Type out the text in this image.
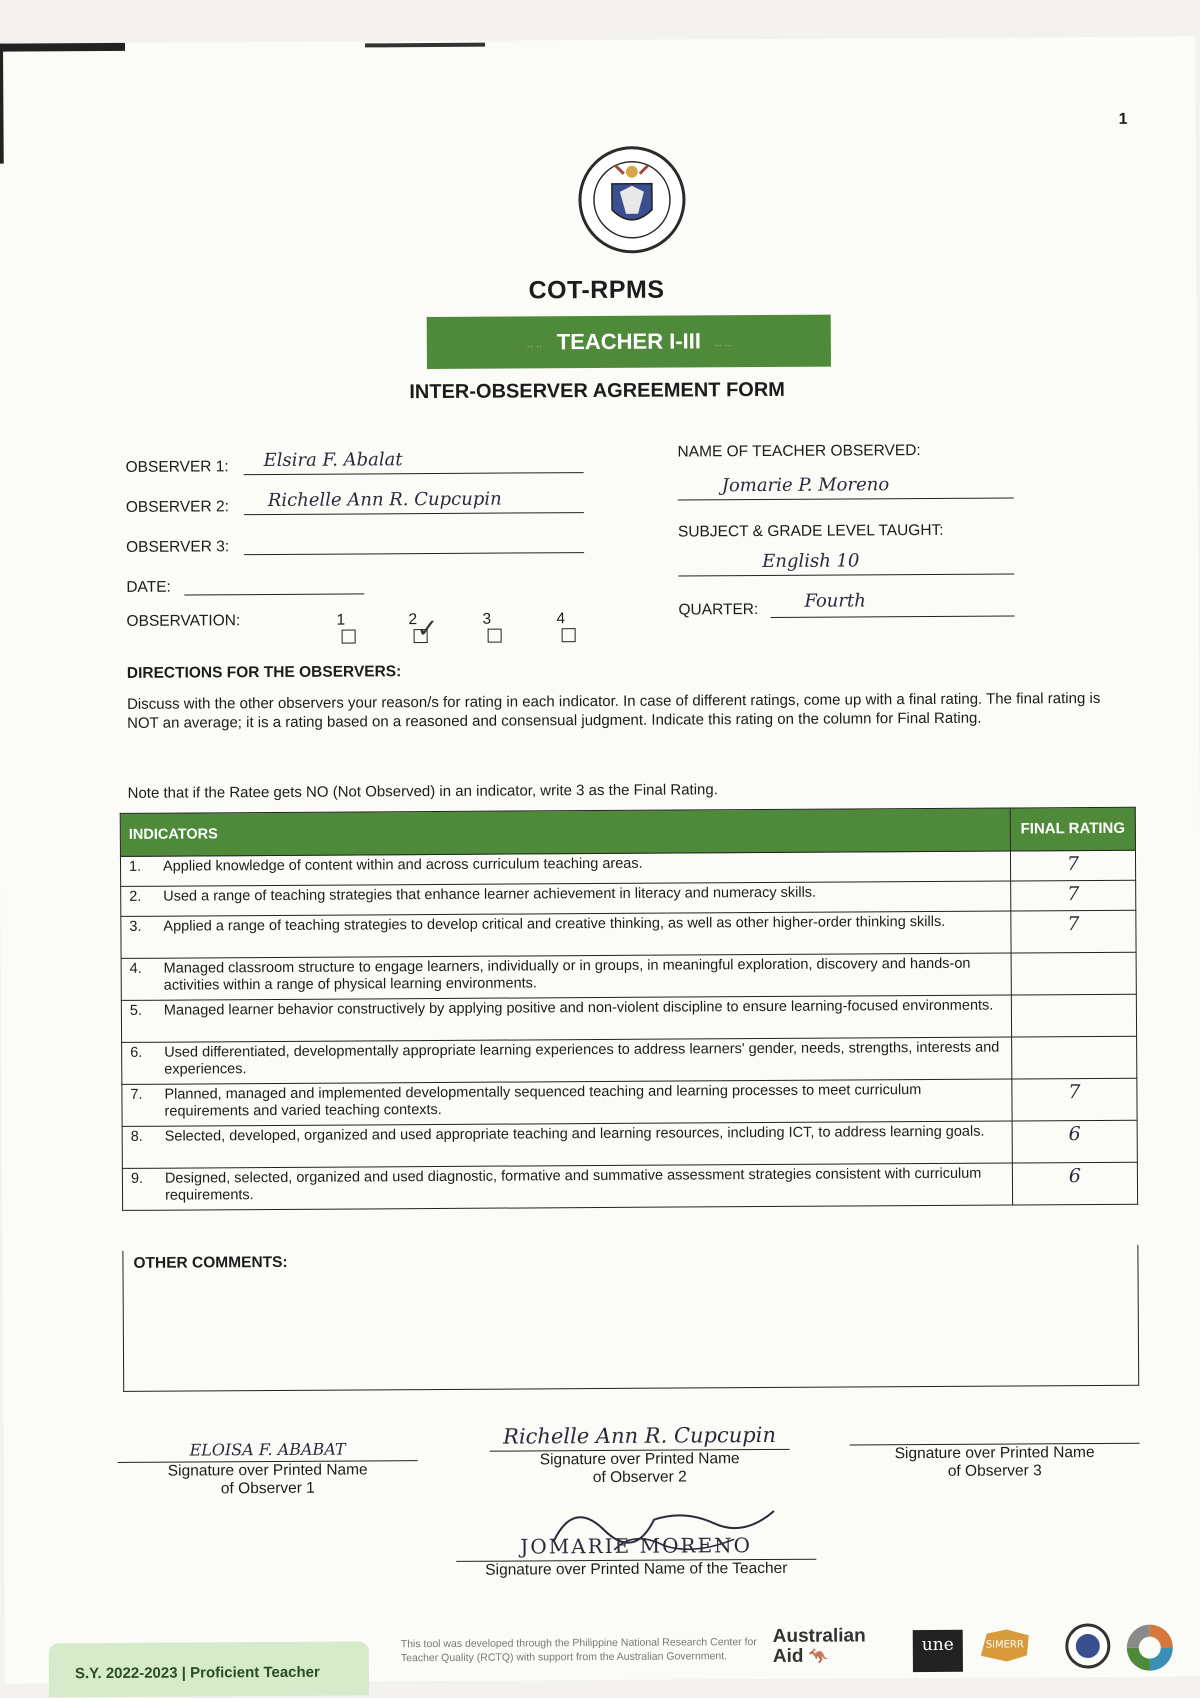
1
COT-RPMS
·· ·· TEACHER I-III ·· ··
INTER-OBSERVER AGREEMENT FORM
OBSERVER 1: Elsira F. Abalat
OBSERVER 2: Richelle Ann R. Cupcupin
OBSERVER 3:
DATE:
OBSERVATION:	1	2 ✓	3	4
NAME OF TEACHER OBSERVED:
Jomarie P. Moreno
SUBJECT & GRADE LEVEL TAUGHT:
English 10
QUARTER:	Fourth
DIRECTIONS FOR THE OBSERVERS:
Discuss with the other observers your reason/s for rating in each indicator. In case of different ratings, come up with a final rating. The final rating is NOT an average; it is a rating based on a reasoned and consensual judgment. Indicate this rating on the column for Final Rating.
Note that if the Ratee gets NO (Not Observed) in an indicator, write 3 as the Final Rating.
INDICATORS		FINAL RATING
1.	Applied knowledge of content within and across curriculum teaching areas.	7
2.	Used a range of teaching strategies that enhance learner achievement in literacy and numeracy skills.	7
3.	Applied a range of teaching strategies to develop critical and creative thinking, as well as other higher-order thinking skills.	7
4.	Managed classroom structure to engage learners, individually or in groups, in meaningful exploration, discovery and hands-on activities within a range of physical learning environments.	
5.	Managed learner behavior constructively by applying positive and non-violent discipline to ensure learning-focused environments.	
6.	Used differentiated, developmentally appropriate learning experiences to address learners' gender, needs, strengths, interests and experiences.	
7.	Planned, managed and implemented developmentally sequenced teaching and learning processes to meet curriculum requirements and varied teaching contexts.	7
8.	Selected, developed, organized and used appropriate teaching and learning resources, including ICT, to address learning goals.	6
9.	Designed, selected, organized and used diagnostic, formative and summative assessment strategies consistent with curriculum requirements.	6
OTHER COMMENTS:
ELOISA F. ABABAT
Signature over Printed Name
of Observer 1
Richelle Ann R. Cupcupin
Signature over Printed Name
of Observer 2
Signature over Printed Name
of Observer 3
JOMARIE MORENO
Signature over Printed Name of the Teacher
S.Y. 2022-2023 | Proficient Teacher
This tool was developed through the Philippine National Research Center for Teacher Quality (RCTQ) with support from the Australian Government.
Australian
Aid 🦘
une	SiMERR
